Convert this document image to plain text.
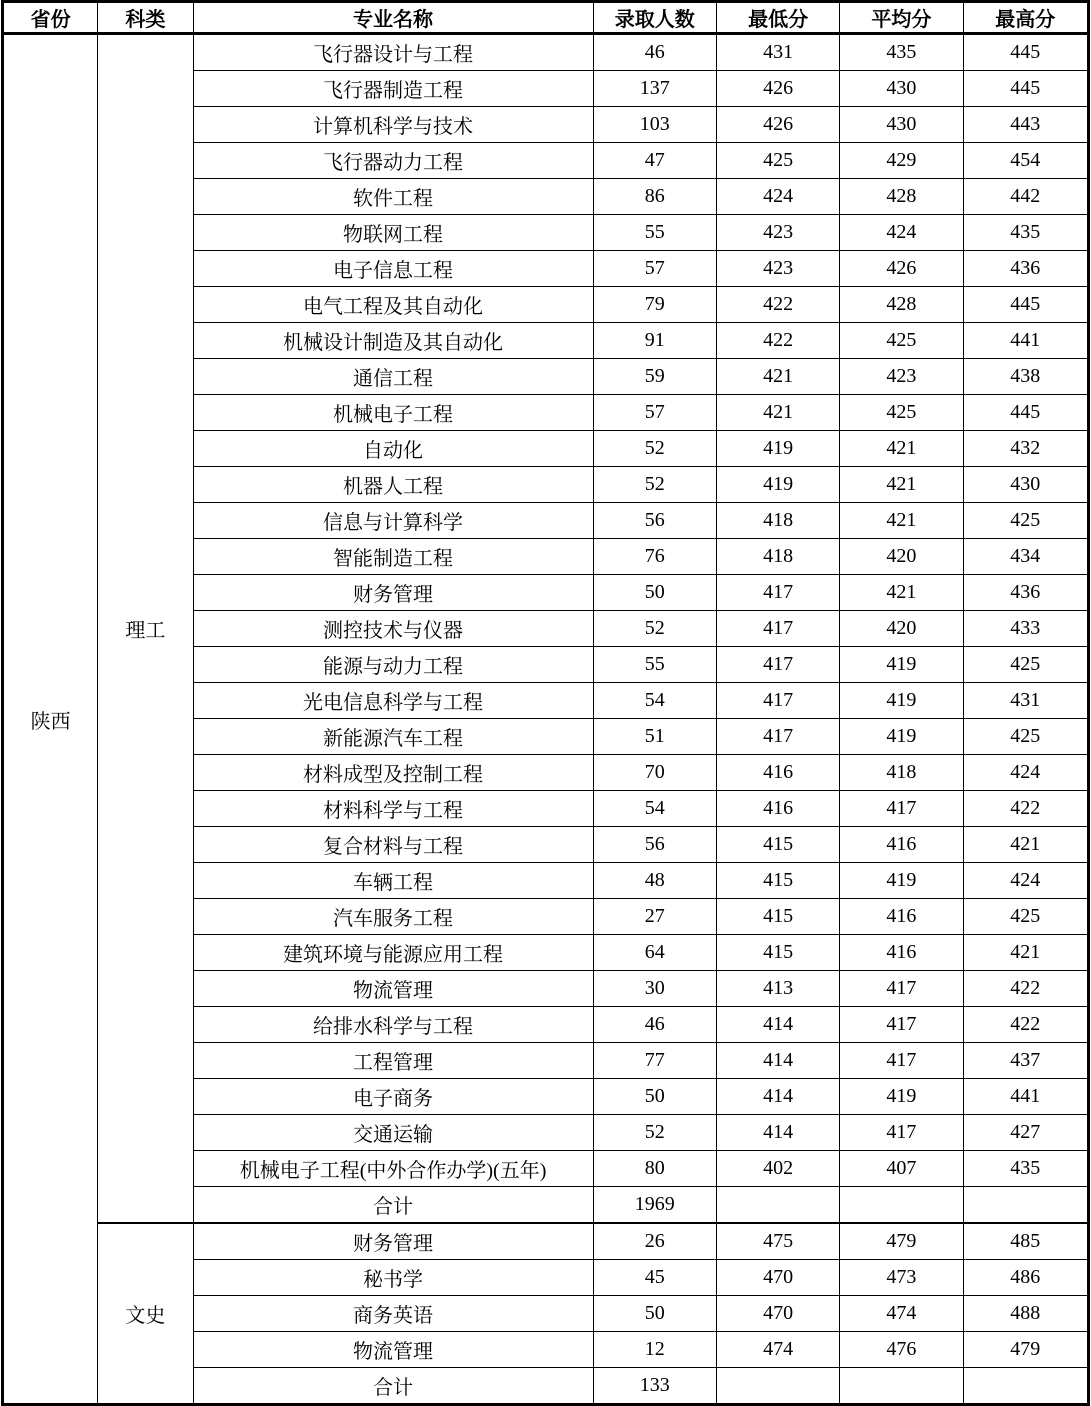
省份	科类	专业名称	录取人数	最低分	平均分	最高分
陕西	理工	飞行器设计与工程	46	431	435	445
		飞行器制造工程	137	426	430	445
		计算机科学与技术	103	426	430	443
		飞行器动力工程	47	425	429	454
		软件工程	86	424	428	442
		物联网工程	55	423	424	435
		电子信息工程	57	423	426	436
		电气工程及其自动化	79	422	428	445
		机械设计制造及其自动化	91	422	425	441
		通信工程	59	421	423	438
		机械电子工程	57	421	425	445
		自动化	52	419	421	432
		机器人工程	52	419	421	430
		信息与计算科学	56	418	421	425
		智能制造工程	76	418	420	434
		财务管理	50	417	421	436
		测控技术与仪器	52	417	420	433
		能源与动力工程	55	417	419	425
		光电信息科学与工程	54	417	419	431
		新能源汽车工程	51	417	419	425
		材料成型及控制工程	70	416	418	424
		材料科学与工程	54	416	417	422
		复合材料与工程	56	415	416	421
		车辆工程	48	415	419	424
		汽车服务工程	27	415	416	425
		建筑环境与能源应用工程	64	415	416	421
		物流管理	30	413	417	422
		给排水科学与工程	46	414	417	422
		工程管理	77	414	417	437
		电子商务	50	414	419	441
		交通运输	52	414	417	427
		机械电子工程(中外合作办学)(五年)	80	402	407	435
		合计	1969			
	文史	财务管理	26	475	479	485
		秘书学	45	470	473	486
		商务英语	50	470	474	488
		物流管理	12	474	476	479
		合计	133			
